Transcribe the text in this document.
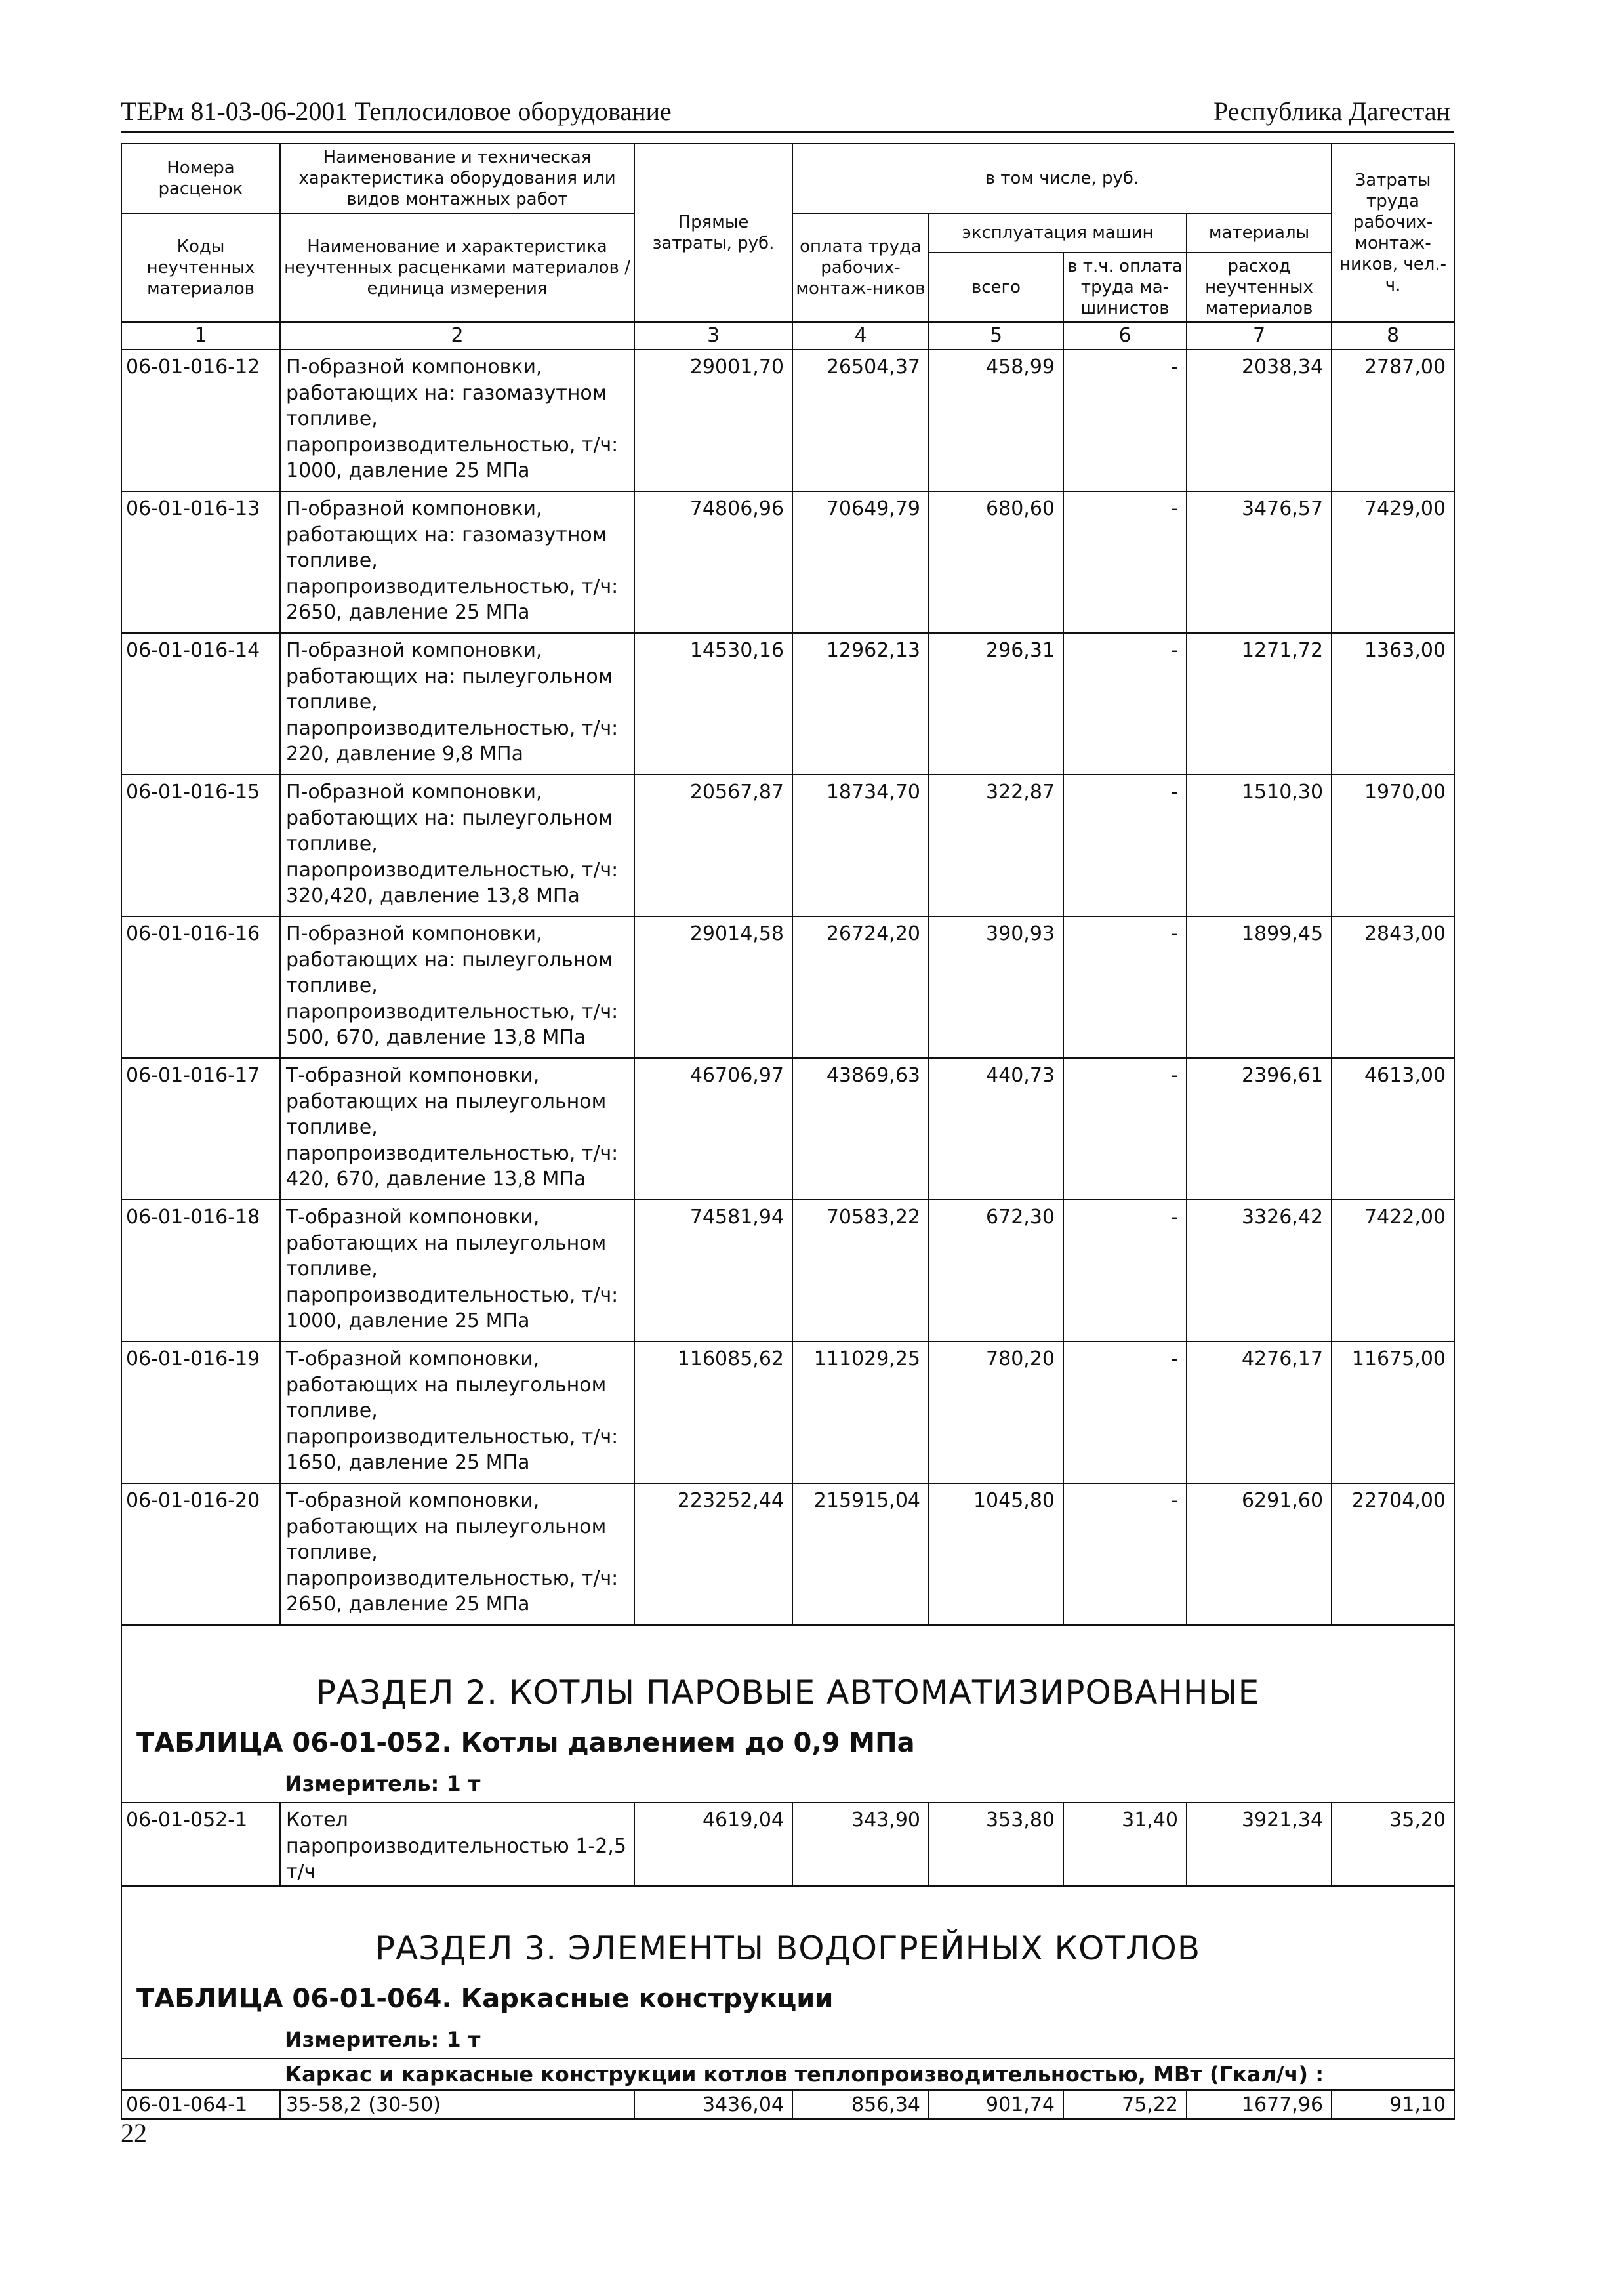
ТЕРм 81-03-06-2001 Теплосиловое оборудование	Республика Дагестан
Номера расценок	Наименование и техническая характеристика оборудования или видов монтажных работ	Прямые затраты, руб.	в том числе, руб.				Затраты труда рабочих-монтаж-ников, чел.-ч.
Коды неучтенных материалов	Наименование и характеристика неучтенных расценками материалов / единица измерения		оплата труда рабочих-монтаж-ников	эксплуатация машин		материалы	
				всего	в т.ч. оплата труда ма-шинистов	расход неучтенных материалов	

1	2	3	4	5	6	7	8
06-01-016-12	П-образной компоновки, работающих на: газомазутном топливе, паропроизводительностью, т/ч: 1000, давление 25 МПа	29001,70	26504,37	458,99	-	2038,34	2787,00
06-01-016-13	П-образной компоновки, работающих на: газомазутном топливе, паропроизводительностью, т/ч: 2650, давление 25 МПа	74806,96	70649,79	680,60	-	3476,57	7429,00
06-01-016-14	П-образной компоновки, работающих на: пылеугольном топливе, паропроизводительностью, т/ч: 220, давление 9,8 МПа	14530,16	12962,13	296,31	-	1271,72	1363,00
06-01-016-15	П-образной компоновки, работающих на: пылеугольном топливе, паропроизводительностью, т/ч: 320,420, давление 13,8 МПа	20567,87	18734,70	322,87	-	1510,30	1970,00
06-01-016-16	П-образной компоновки, работающих на: пылеугольном топливе, паропроизводительностью, т/ч: 500, 670, давление 13,8 МПа	29014,58	26724,20	390,93	-	1899,45	2843,00
06-01-016-17	Т-образной компоновки, работающих на пылеугольном топливе, паропроизводительностью, т/ч: 420, 670, давление 13,8 МПа	46706,97	43869,63	440,73	-	2396,61	4613,00
06-01-016-18	Т-образной компоновки, работающих на пылеугольном топливе, паропроизводительностью, т/ч: 1000, давление 25 МПа	74581,94	70583,22	672,30	-	3326,42	7422,00
06-01-016-19	Т-образной компоновки, работающих на пылеугольном топливе, паропроизводительностью, т/ч: 1650, давление 25 МПа	116085,62	111029,25	780,20	-	4276,17	11675,00
06-01-016-20	Т-образной компоновки, работающих на пылеугольном топливе, паропроизводительностью, т/ч: 2650, давление 25 МПа	223252,44	215915,04	1045,80	-	6291,60	22704,00

РАЗДЕЛ 2. КОТЛЫ ПАРОВЫЕ АВТОМАТИЗИРОВАННЫЕ							
ТАБЛИЦА 06-01-052. Котлы давлением до 0,9 МПа							
Измеритель: 1 т							
06-01-052-1	Котел паропроизводительностью 1-2,5 т/ч	4619,04	343,90	353,80	31,40	3921,34	35,20

РАЗДЕЛ 3. ЭЛЕМЕНТЫ ВОДОГРЕЙНЫХ КОТЛОВ							
ТАБЛИЦА 06-01-064. Каркасные конструкции							
Измеритель: 1 т							
Каркас и каркасные конструкции котлов теплопроизводительностью, МВт (Гкал/ч) :							
06-01-064-1	35-58,2 (30-50)	3436,04	856,34	901,74	75,22	1677,96	91,10
22
